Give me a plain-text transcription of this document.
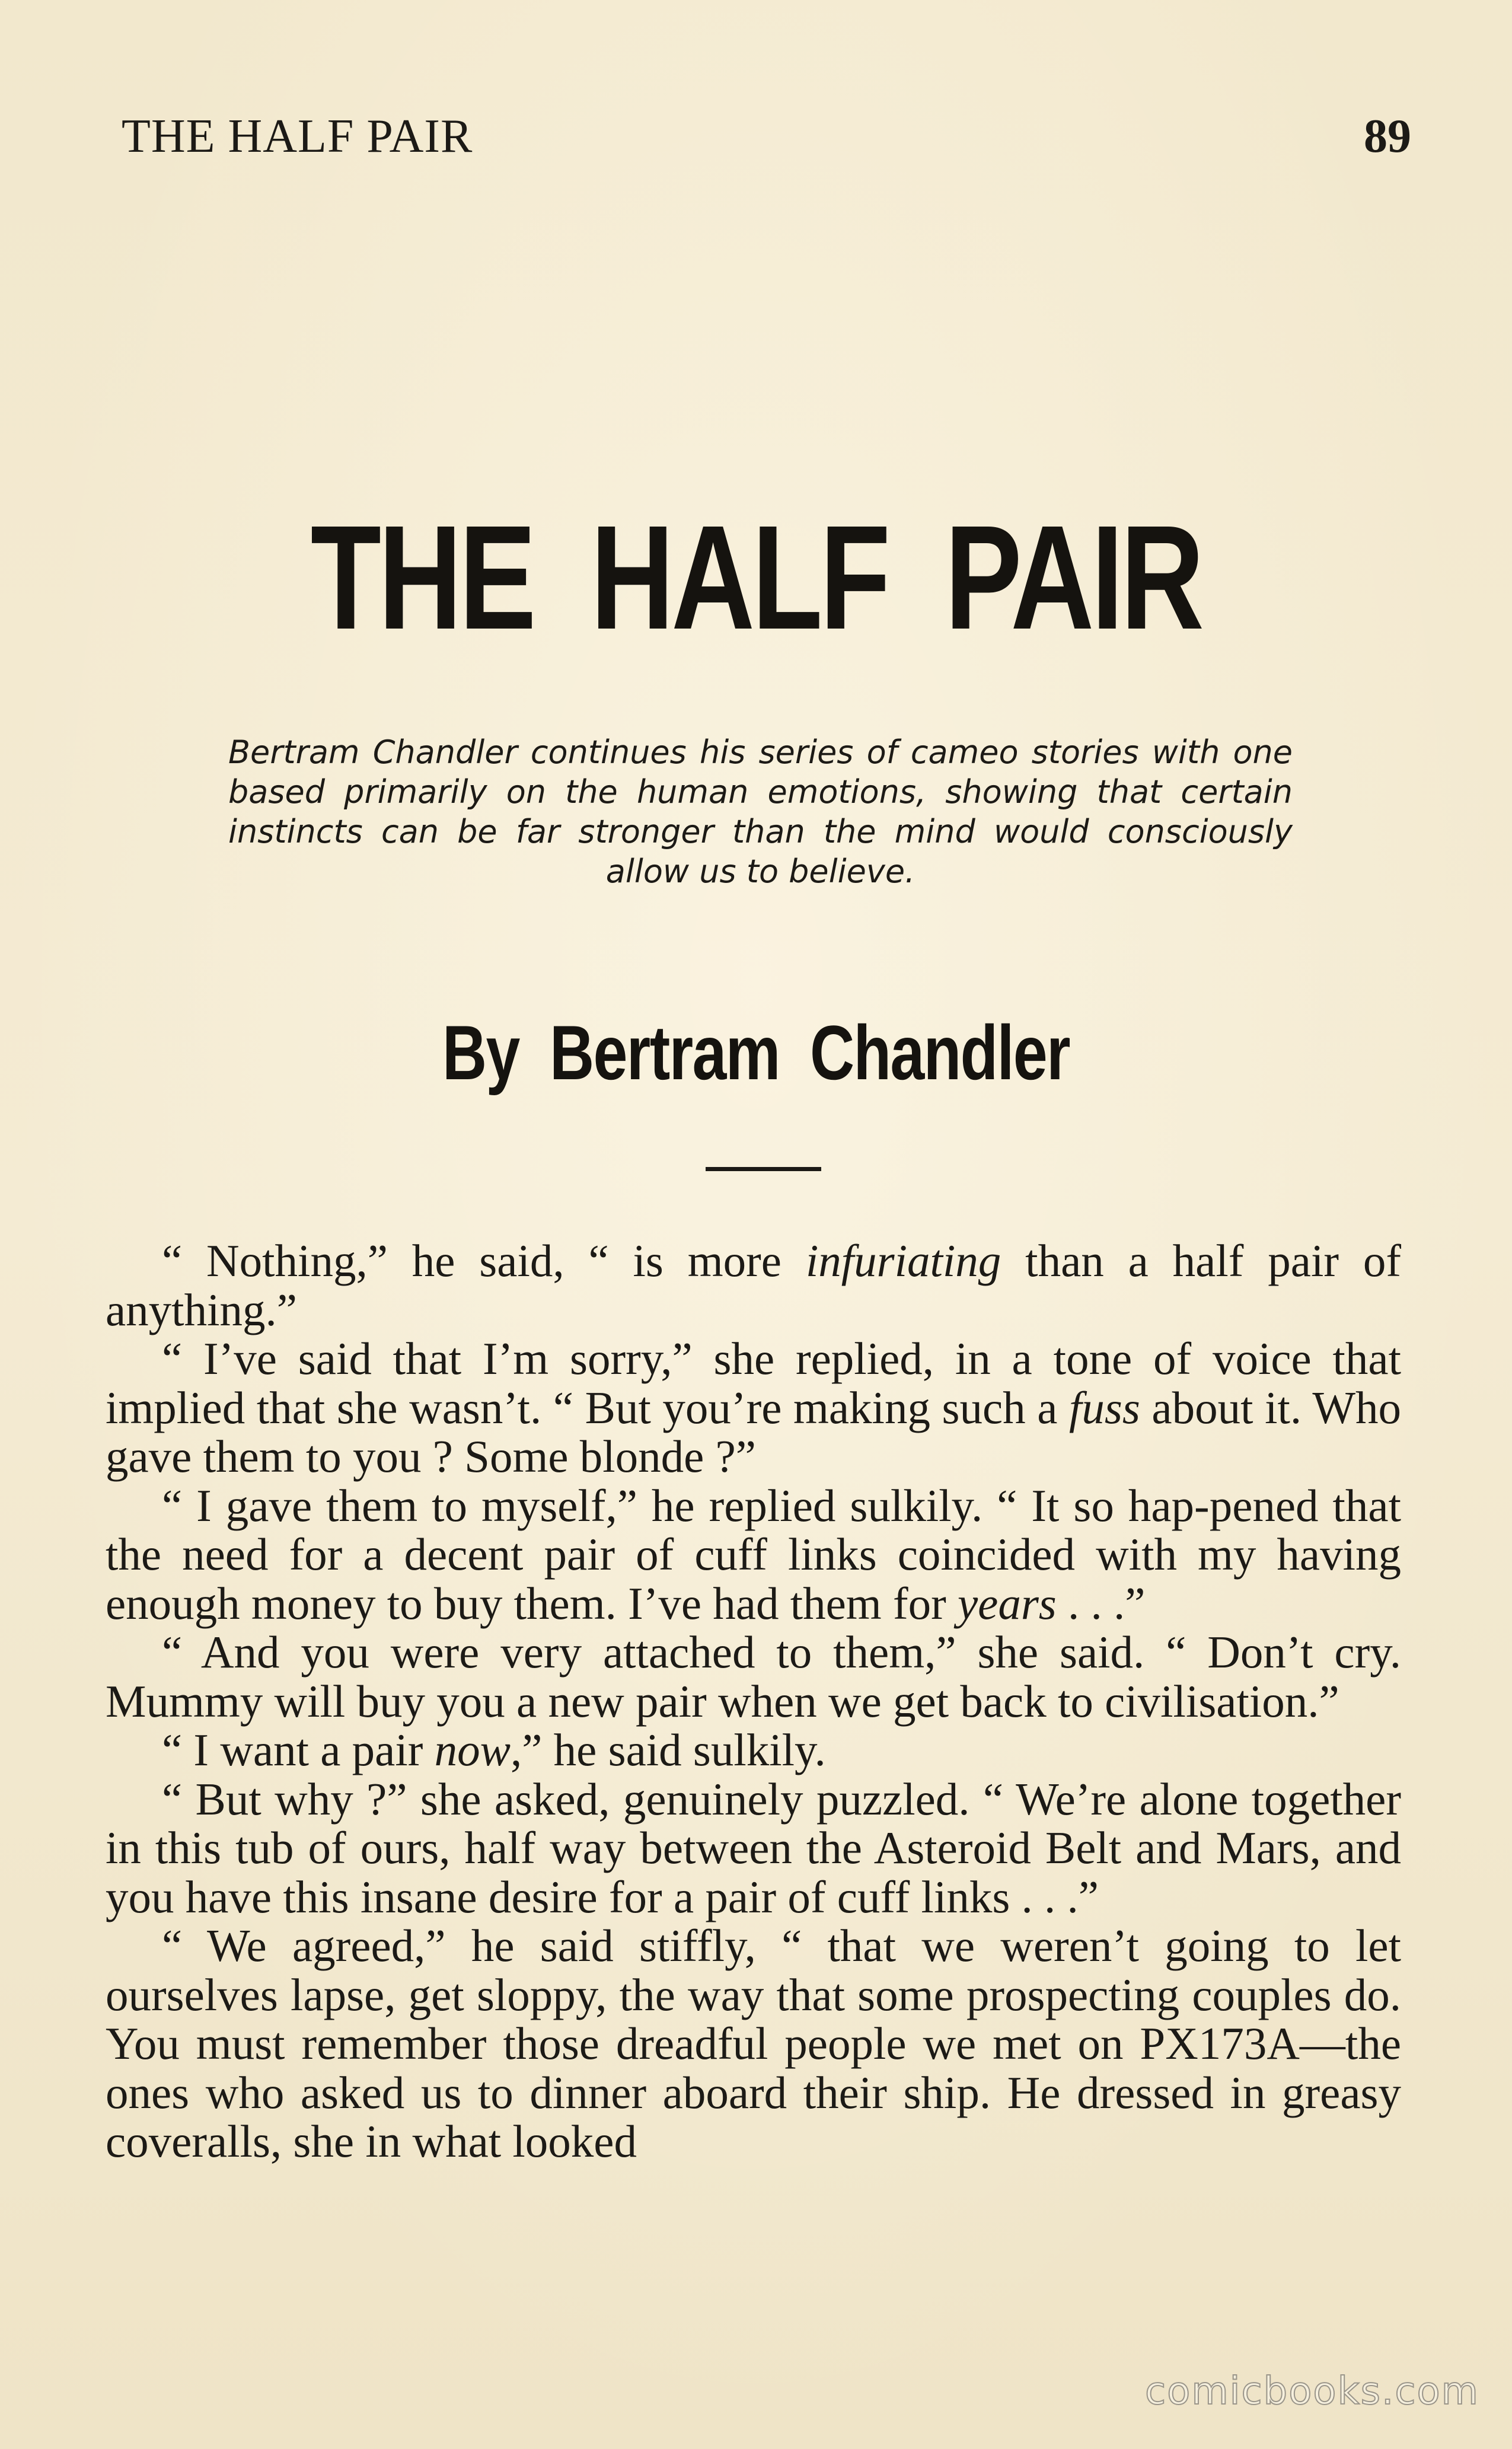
THE HALF PAIR	89
THE HALF PAIR
Bertram Chandler continues his series of cameo stories with one based primarily on the human emotions, showing that certain instincts can be far stronger than the mind would consciously allow us to believe.
By Bertram Chandler

“ Nothing,” he said, “ is more infuriating than a half pair of anything.”

“ I’ve said that I’m sorry,” she replied, in a tone of voice that implied that she wasn’t. “ But you’re making such a fuss about it. Who gave them to you ? Some blonde ?”

“ I gave them to myself,” he replied sulkily. “ It so hap-pened that the need for a decent pair of cuff links coincided with my having enough money to buy them. I’ve had them for years . . .”

“ And you were very attached to them,” she said. “ Don’t cry. Mummy will buy you a new pair when we get back to civilisation.”

“ I want a pair now,” he said sulkily.

“ But why ?” she asked, genuinely puzzled. “ We’re alone together in this tub of ours, half way between the Asteroid Belt and Mars, and you have this insane desire for a pair of cuff links . . .”

“ We agreed,” he said stiffly, “ that we weren’t going to let ourselves lapse, get sloppy, the way that some prospecting couples do. You must remember those dreadful people we met on PX173A—the ones who asked us to dinner aboard their ship. He dressed in greasy coveralls, she in what looked

comicbooks.com
